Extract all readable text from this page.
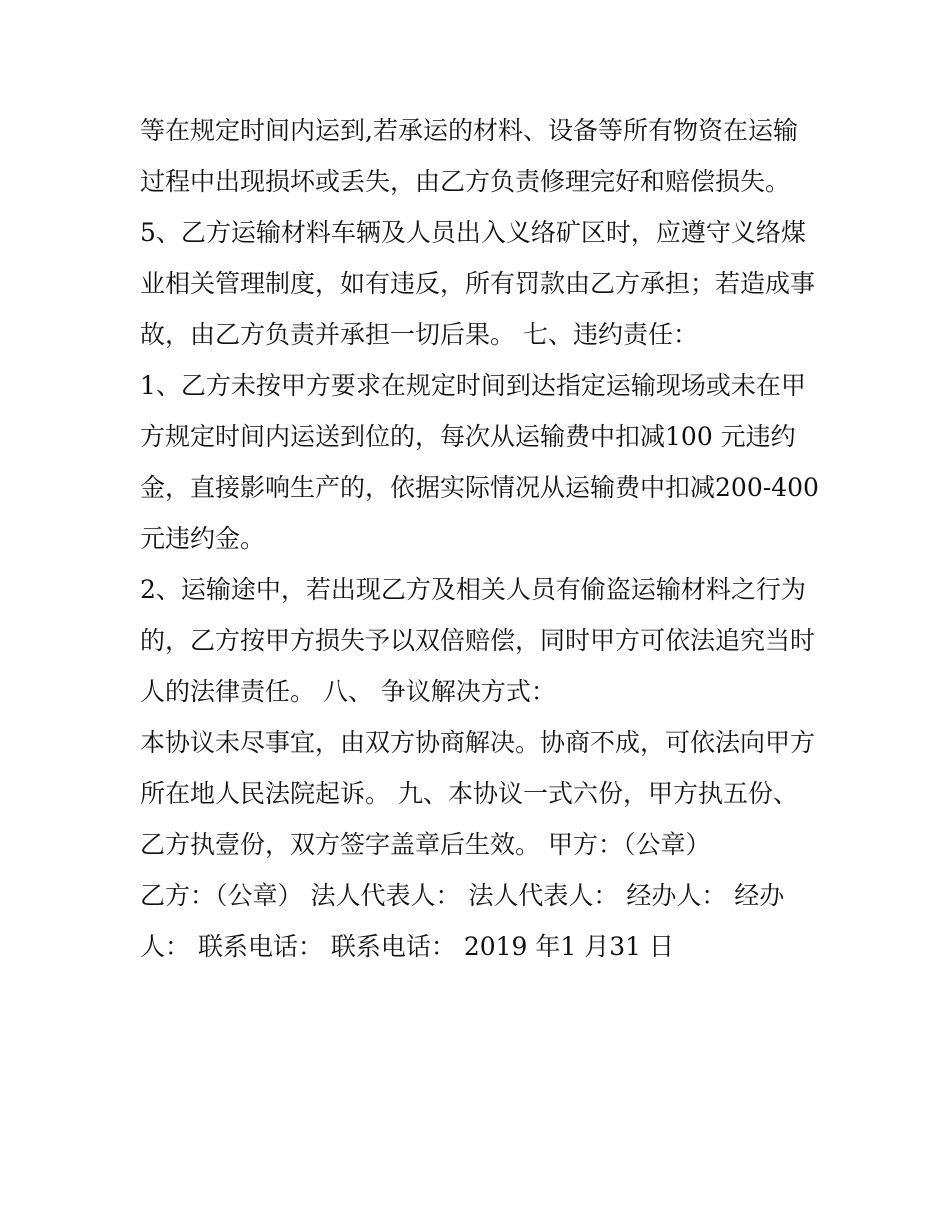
等在规定时间内运到,若承运的材料、设备等所有物资在运输

过程中出现损坏或丢失，由乙方负责修理完好和赔偿损失。

5、乙方运输材料车辆及人员出入义络矿区时，应遵守义络煤

业相关管理制度，如有违反，所有罚款由乙方承担；若造成事

故，由乙方负责并承担一切后果。 七、违约责任：

1、乙方未按甲方要求在规定时间到达指定运输现场或未在甲

方规定时间内运送到位的，每次从运输费中扣减100 元违约

金，直接影响生产的，依据实际情况从运输费中扣减200-400

元违约金。

2、运输途中，若出现乙方及相关人员有偷盗运输材料之行为

的，乙方按甲方损失予以双倍赔偿，同时甲方可依法追究当时

人的法律责任。 八、 争议解决方式：

本协议未尽事宜，由双方协商解决。协商不成，可依法向甲方

所在地人民法院起诉。 九、本协议一式六份，甲方执五份、

乙方执壹份，双方签字盖章后生效。 甲方：（公章）

乙方：（公章） 法人代表人： 法人代表人： 经办人： 经办

人： 联系电话： 联系电话： 2019 年1 月31 日
